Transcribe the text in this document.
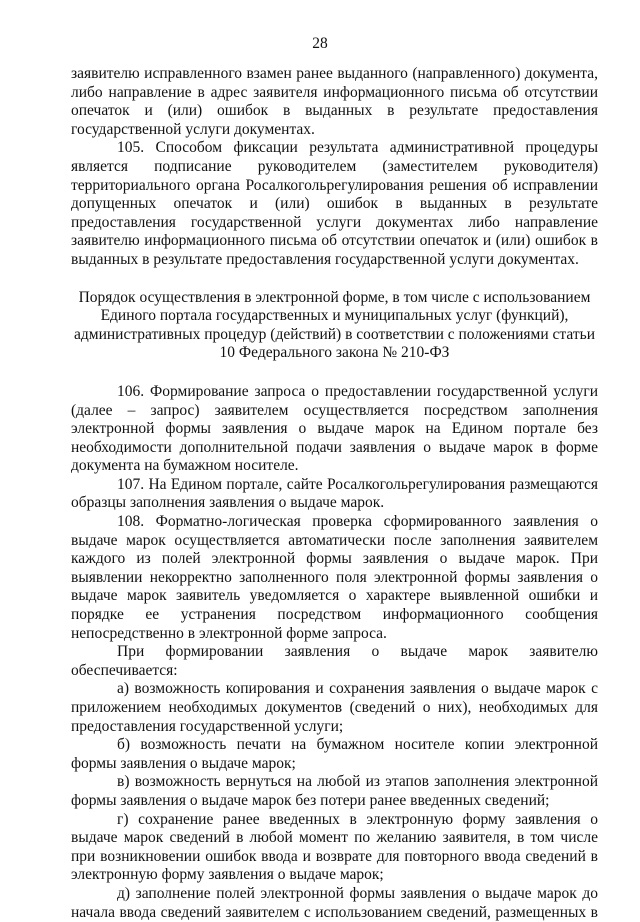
28

заявителю исправленного взамен ранее выданного (направленного) документа, либо направление в адрес заявителя информационного письма об отсутствии опечаток и (или) ошибок в выданных в результате предоставления государственной услуги документах.

105. Способом фиксации результата административной процедуры является подписание руководителем (заместителем руководителя) территориального органа Росалкогольрегулирования решения об исправлении допущенных опечаток и (или) ошибок в выданных в результате предоставления государственной услуги документах либо направление заявителю информационного письма об отсутствии опечаток и (или) ошибок в выданных в результате предоставления государственной услуги документах.

Порядок осуществления в электронной форме, в том числе с использованием
Единого портала государственных и муниципальных услуг (функций),
административных процедур (действий) в соответствии с положениями статьи
10 Федерального закона № 210-ФЗ

106. Формирование запроса о предоставлении государственной услуги (далее – запрос) заявителем осуществляется посредством заполнения электронной формы заявления о выдаче марок на Едином портале без необходимости дополнительной подачи заявления о выдаче марок в форме документа на бумажном носителе.

107. На Едином портале, сайте Росалкогольрегулирования размещаются образцы заполнения заявления о выдаче марок.

108. Форматно-логическая проверка сформированного заявления о выдаче марок осуществляется автоматически после заполнения заявителем каждого из полей электронной формы заявления о выдаче марок. При выявлении некорректно заполненного поля электронной формы заявления о выдаче марок заявитель уведомляется о характере выявленной ошибки и порядке ее устранения посредством информационного сообщения непосредственно в электронной форме запроса.

При формировании заявления о выдаче марок заявителю обеспечивается:

а) возможность копирования и сохранения заявления о выдаче марок с приложением необходимых документов (сведений о них), необходимых для предоставления государственной услуги;

б) возможность печати на бумажном носителе копии электронной формы заявления о выдаче марок;

в) возможность вернуться на любой из этапов заполнения электронной формы заявления о выдаче марок без потери ранее введенных сведений;

г) сохранение ранее введенных в электронную форму заявления о выдаче марок сведений в любой момент по желанию заявителя, в том числе при возникновении ошибок ввода и возврате для повторного ввода сведений в электронную форму заявления о выдаче марок;

д) заполнение полей электронной формы заявления о выдаче марок до начала ввода сведений заявителем с использованием сведений, размещенных в
